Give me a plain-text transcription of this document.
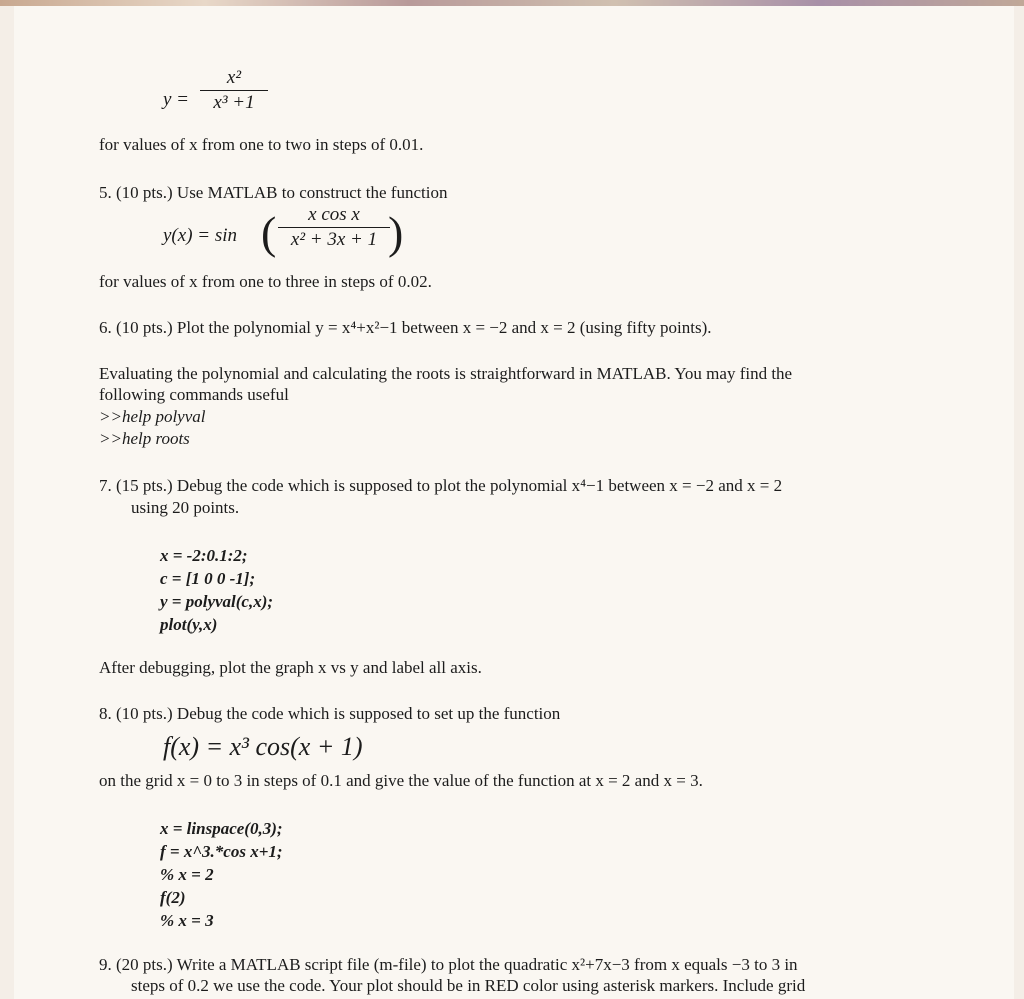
y =
x²
x³ +1
for values of x from one to two in steps of 0.01.
5. (10 pts.) Use MATLAB to construct the function
y(x) = sin ( x cos x
x² + 3x + 1 )
for values of x from one to three in steps of 0.02.
6. (10 pts.) Plot the polynomial y = x⁴+x²−1 between x = −2 and x = 2 (using fifty points).
Evaluating the polynomial and calculating the roots is straightforward in MATLAB. You may find the
following commands useful
>>help polyval
>>help roots
7. (15 pts.) Debug the code which is supposed to plot the polynomial x⁴−1 between x = −2 and x = 2
using 20 points.
x = -2:0.1:2;
c = [1 0 0 -1];
y = polyval(c,x);
plot(y,x)
After debugging, plot the graph x vs y and label all axis.
8. (10 pts.) Debug the code which is supposed to set up the function
f(x) = x³ cos(x + 1)
on the grid x = 0 to 3 in steps of 0.1 and give the value of the function at x = 2 and x = 3.
x = linspace(0,3);
f = x^3.*cos x+1;
% x = 2
f(2)
% x = 3
9. (20 pts.) Write a MATLAB script file (m-file) to plot the quadratic x²+7x−3 from x equals −3 to 3 in
steps of 0.2 we use the code. Your plot should be in RED color using asterisk markers. Include grid
